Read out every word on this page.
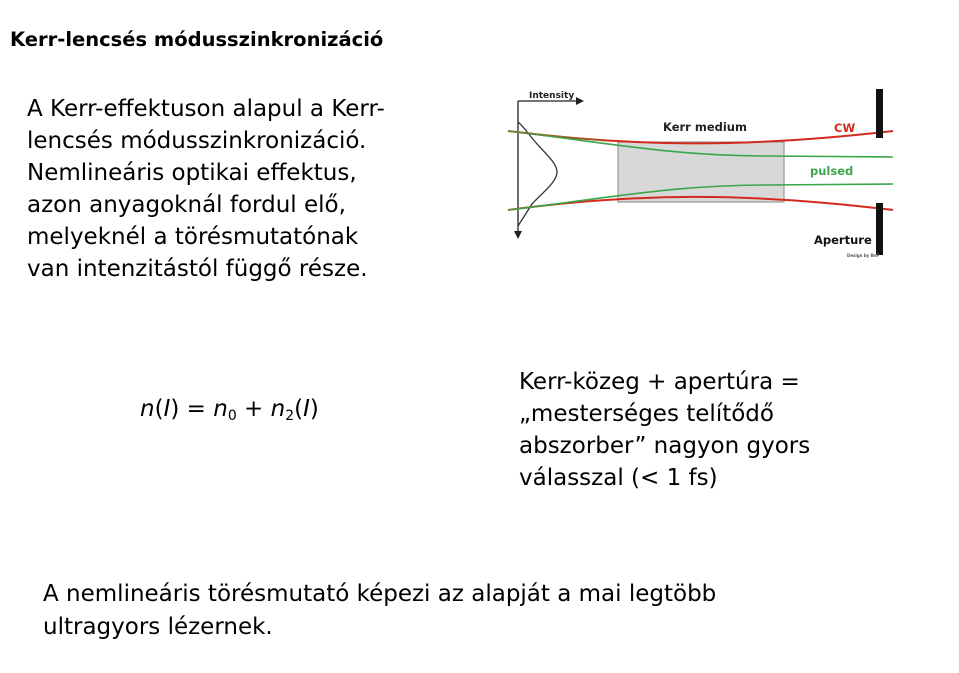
Kerr-lencsés módusszinkronizáció
A Kerr-effektuson alapul a Kerr-
lencsés módusszinkronizáció.
Nemlineáris optikai effektus,
azon anyagoknál fordul elő,
melyeknél a törésmutatónak
van intenzitástól függő része.
$n(I) = n_0 + n_2(I)$
Kerr-közeg + apertúra =
„mesterséges telítődő
abszorber” nagyon gyors
válasszal (< 1 fs)
A nemlineáris törésmutató képezi az alapját a mai legtöbb
ultragyors lézernek.
Kerr medium
Intensity
CW
pulsed
Aperture
Design by BvP
